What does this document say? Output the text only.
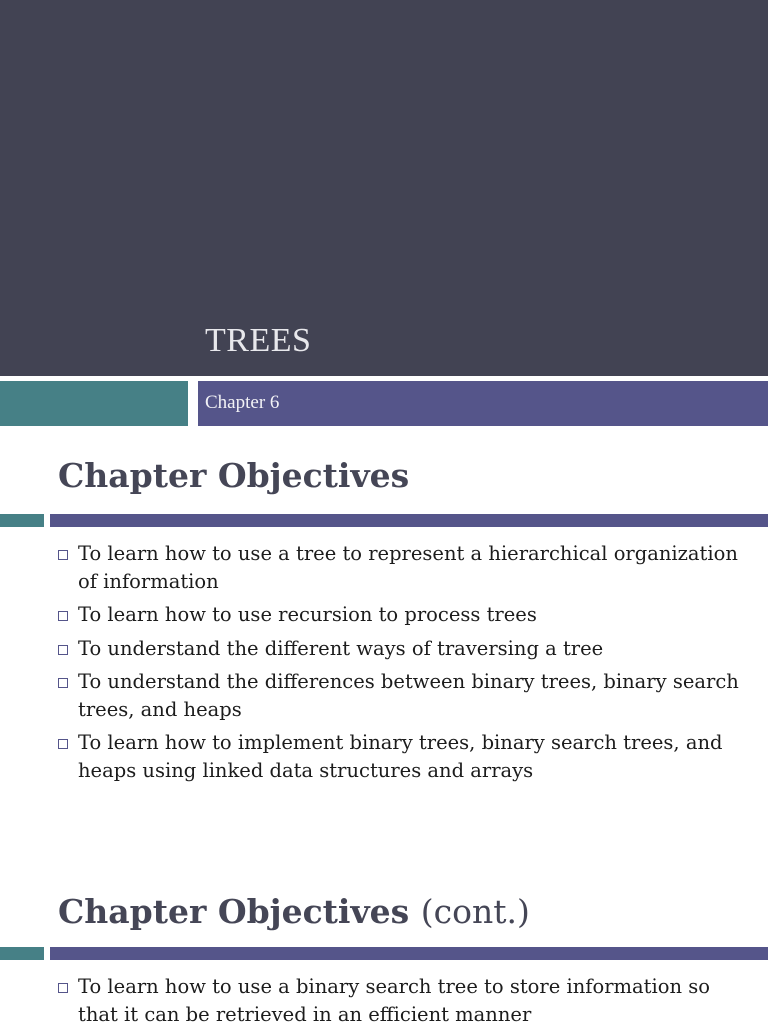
TREES
Chapter 6
Chapter Objectives
To learn how to use a tree to represent a hierarchical organization of information
To learn how to use recursion to process trees
To understand the different ways of traversing a tree
To understand the differences between binary trees, binary search trees, and heaps
To learn how to implement binary trees, binary search trees, and heaps using linked data structures and arrays
Chapter Objectives (cont.)
To learn how to use a binary search tree to store information so that it can be retrieved in an efficient manner
